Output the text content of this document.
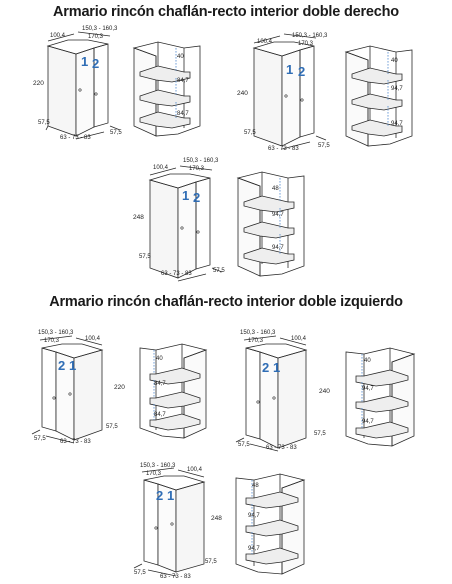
Armario rincón chaflán-recto interior doble derecho
Armario rincón chaflán-recto interior doble izquierdo
100,4
150,3 - 160,3
170,3
220
1 2
57,5
57,5
63 - 73 - 83
40
84,7
84,7
100,4
150,3 - 160,3
170,3
240
1 2
57,5
57,5
63 - 73 - 83
40
94,7
94,7
100,4
150,3 - 160,3
170,3
248
1 2
57,5
57,5
63 - 73 - 83
48
94,7
94,7
150,3 - 160,3
170,3	100,4
220
2 1
57,5
57,5
63 - 73 - 83
40
84,7
84,7
150,3 - 160,3
170,3	100,4
240
2 1
57,5
57,5
63 - 73 - 83
40
94,7
94,7
150,3 - 160,3
170,3
100,4
248
2 1
57,5
57,5
63 - 73 - 83
48
94,7
94,7
